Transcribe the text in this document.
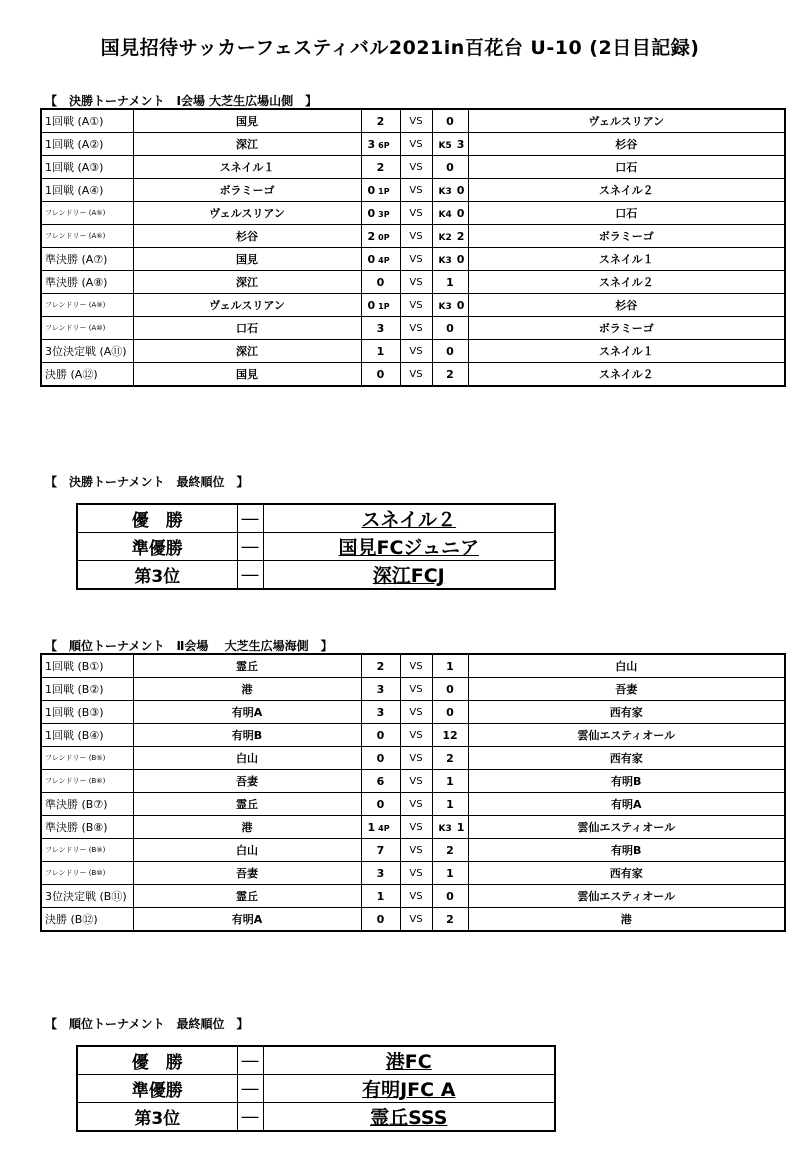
国見招待サッカーフェスティバル2021in百花台 U-10 (2日目記録)
【　決勝トーナメント　Ⅰ会場 大芝生広場山側　】
1回戦 (A①)	国見	2	VS	0	ヴェルスリアン
1回戦 (A②)	深江	3 6P	VS	K5 3	杉谷
1回戦 (A③)	スネイル１	2	VS	0	口石
1回戦 (A④)	ボラミーゴ	0 1P	VS	K3 0	スネイル２
フレンドリー (A⑤)	ヴェルスリアン	0 3P	VS	K4 0	口石
フレンドリー (A⑥)	杉谷	2 0P	VS	K2 2	ボラミーゴ
準決勝 (A⑦)	国見	0 4P	VS	K3 0	スネイル１
準決勝 (A⑧)	深江	0	VS	1	スネイル２
フレンドリー (A⑨)	ヴェルスリアン	0 1P	VS	K3 0	杉谷
フレンドリー (A⑩)	口石	3	VS	0	ボラミーゴ
3位決定戦 (A⑪)	深江	1	VS	0	スネイル１
決勝 (A⑫)	国見	0	VS	2	スネイル２
【　決勝トーナメント　最終順位　】
優　勝	―	スネイル２
準優勝	―	国見FCジュニア
第3位	―	深江FCJ
【　順位トーナメント　Ⅱ会場　 大芝生広場海側　】
1回戦 (B①)	霊丘	2	VS	1	白山
1回戦 (B②)	港	3	VS	0	吾妻
1回戦 (B③)	有明A	3	VS	0	西有家
1回戦 (B④)	有明B	0	VS	12	雲仙エスティオール
フレンドリー (B⑤)	白山	0	VS	2	西有家
フレンドリー (B⑥)	吾妻	6	VS	1	有明B
準決勝 (B⑦)	霊丘	0	VS	1	有明A
準決勝 (B⑧)	港	1 4P	VS	K3 1	雲仙エスティオール
フレンドリー (B⑨)	白山	7	VS	2	有明B
フレンドリー (B⑩)	吾妻	3	VS	1	西有家
3位決定戦 (B⑪)	霊丘	1	VS	0	雲仙エスティオール
決勝 (B⑫)	有明A	0	VS	2	港
【　順位トーナメント　最終順位　】
優　勝	―	港FC
準優勝	―	有明JFC A
第3位	―	霊丘SSS
